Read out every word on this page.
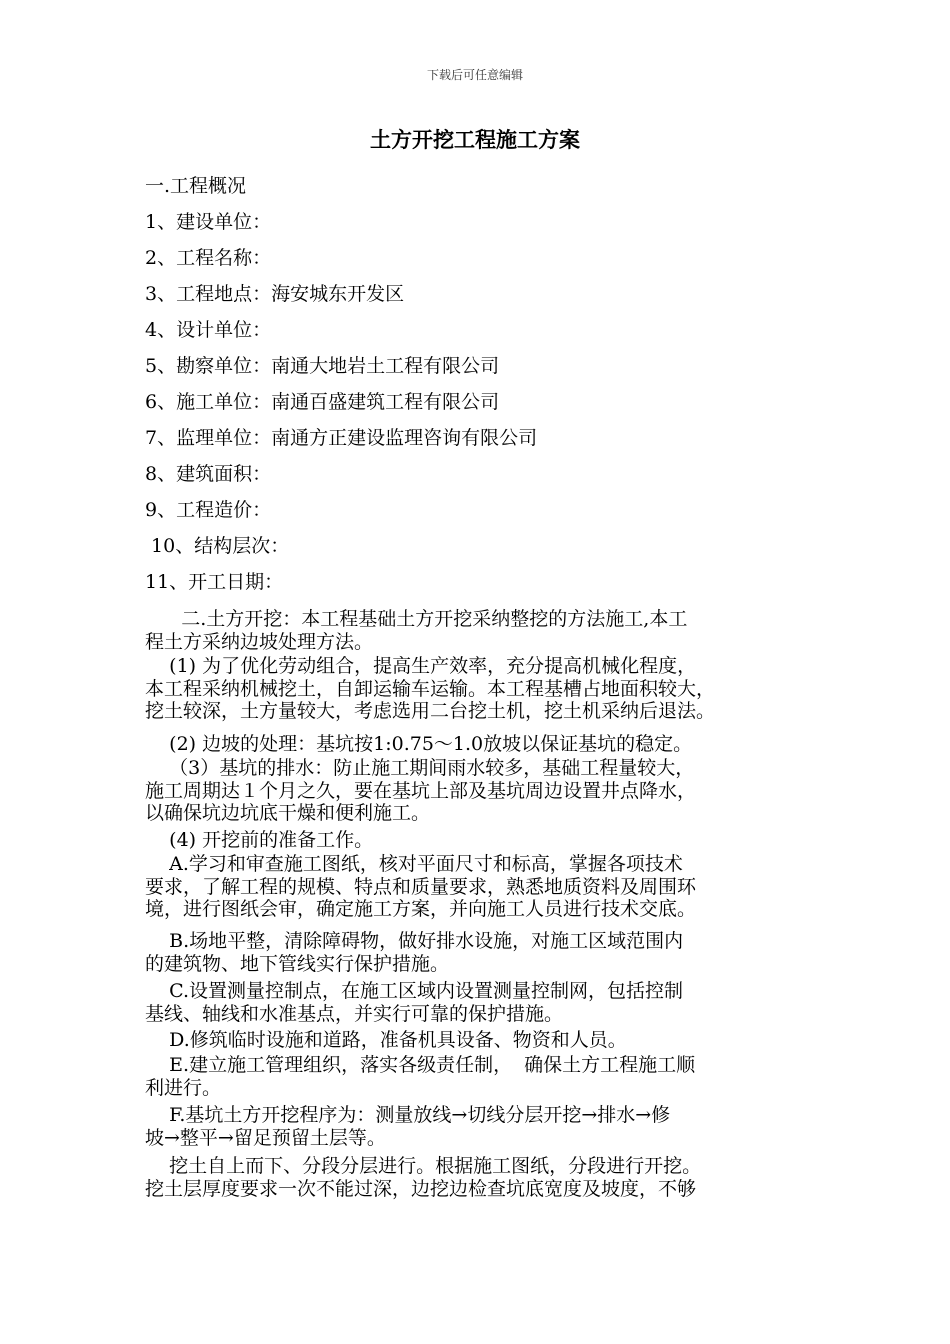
下载后可任意编辑
土方开挖工程施工方案
一.工程概况
1、建设单位：
2、工程名称：
3、工程地点：海安城东开发区
4、设计单位：
5、勘察单位：南通大地岩土工程有限公司
6、施工单位：南通百盛建筑工程有限公司
7、监理单位：南通方正建设监理咨询有限公司
8、建筑面积：
9、工程造价：
10、结构层次：
11、开工日期：
二.土方开挖：本工程基础土方开挖采纳整挖的方法施工,本工
程土方采纳边坡处理方法。
(1) 为了优化劳动组合，提高生产效率，充分提高机械化程度，
本工程采纳机械挖土，自卸运输车运输。本工程基槽占地面积较大，
挖土较深，土方量较大，考虑选用二台挖土机，挖土机采纳后退法。
(2) 边坡的处理：基坑按1:0.75～1.0放坡以保证基坑的稳定。
（3）基坑的排水：防止施工期间雨水较多，基础工程量较大，
施工周期达１个月之久，要在基坑上部及基坑周边设置井点降水，
以确保坑边坑底干燥和便利施工。
(4) 开挖前的准备工作。
A.学习和审查施工图纸，核对平面尺寸和标高，掌握各项技术
要求，了解工程的规模、特点和质量要求，熟悉地质资料及周围环
境，进行图纸会审，确定施工方案，并向施工人员进行技术交底。
B.场地平整，清除障碍物，做好排水设施，对施工区域范围内
的建筑物、地下管线实行保护措施。
C.设置测量控制点，在施工区域内设置测量控制网，包括控制
基线、轴线和水准基点，并实行可靠的保护措施。
D.修筑临时设施和道路，准备机具设备、物资和人员。
E.建立施工管理组织，落实各级责任制，  确保土方工程施工顺
利进行。
F.基坑土方开挖程序为：测量放线→切线分层开挖→排水→修
坡→整平→留足预留土层等。
挖土自上而下、分段分层进行。根据施工图纸，分段进行开挖。
挖土层厚度要求一次不能过深，边挖边检查坑底宽度及坡度，不够
